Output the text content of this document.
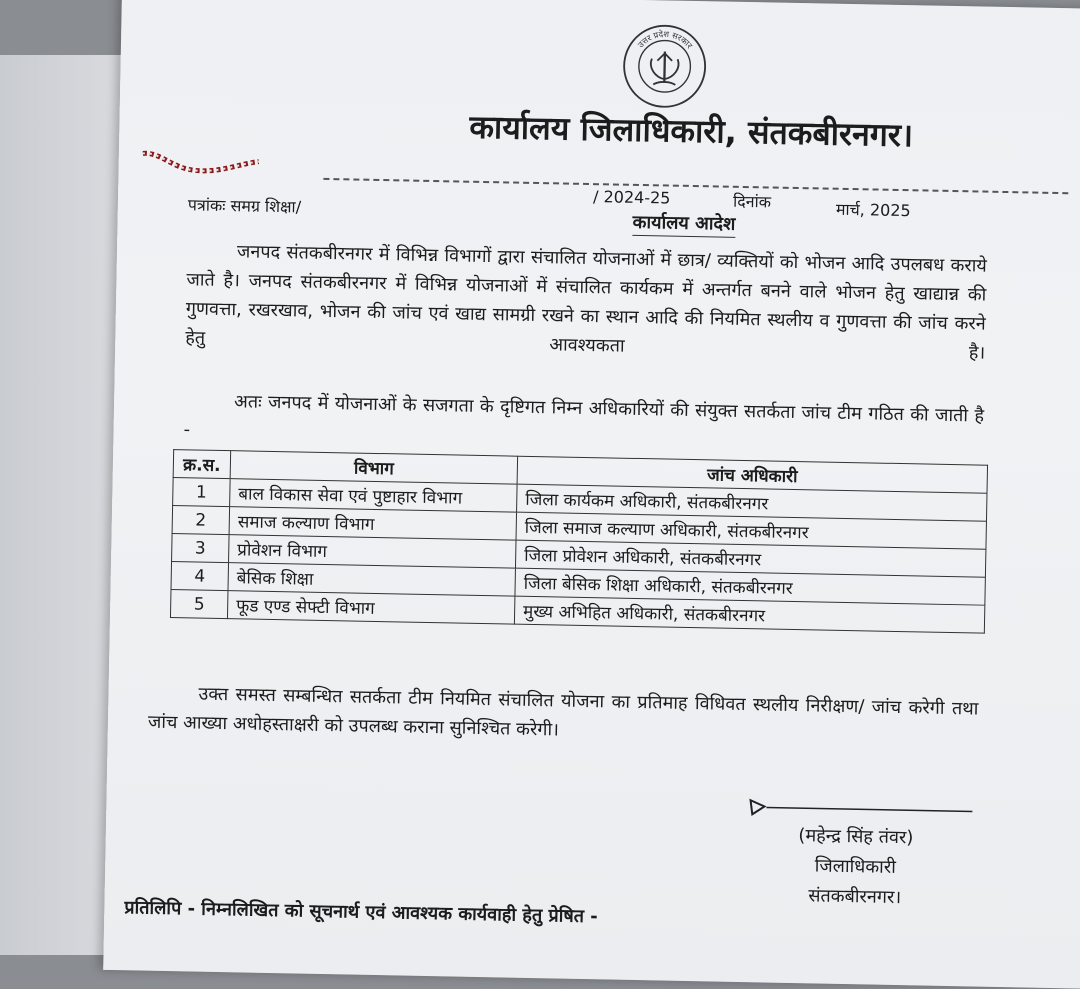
उत्तर प्रदेश सरकार
कार्यालय जिलाधिकारी, संतकबीरनगर।
पत्रांकः समग्र शिक्षा/	/ 2024-25	दिनांक	मार्च, 2025
कार्यालय आदेश
जनपद संतकबीरनगर में विभिन्न विभागों द्वारा संचालित योजनाओं में छात्र/ व्यक्तियों को भोजन आदि उपलबध कराये जाते है। जनपद संतकबीरनगर में विभिन्न योजनाओं में संचालित कार्यकम में अन्तर्गत बनने वाले भोजन हेतु खाद्यान्न की गुणवत्ता, रखरखाव, भोजन की जांच एवं खाद्य सामग्री रखने का स्थान आदि की नियमित स्थलीय व गुणवत्ता की जांच करने हेतु आवश्यकता है।
अतः जनपद में योजनाओं के सजगता के दृष्टिगत निम्न अधिकारियों की संयुक्त सतर्कता जांच टीम गठित की जाती है -
क्र.स.	विभाग	जांच अधिकारी
1	बाल विकास सेवा एवं पुष्टाहार विभाग	जिला कार्यकम अधिकारी, संतकबीरनगर
2	समाज कल्याण विभाग	जिला समाज कल्याण अधिकारी, संतकबीरनगर
3	प्रोवेशन विभाग	जिला प्रोवेशन अधिकारी, संतकबीरनगर
4	बेसिक शिक्षा	जिला बेसिक शिक्षा अधिकारी, संतकबीरनगर
5	फूड एण्ड सेफ्टी विभाग	मुख्य अभिहित अधिकारी, संतकबीरनगर
उक्त समस्त सम्बन्धित सतर्कता टीम नियमित संचालित योजना का प्रतिमाह विधिवत स्थलीय निरीक्षण/ जांच करेगी तथा जांच आख्या अधोहस्ताक्षरी को उपलब्ध कराना सुनिश्चित करेगी।
(महेन्द्र सिंह तंवर)
जिलाधिकारी
संतकबीरनगर।
प्रतिलिपि - निम्नलिखित को सूचनार्थ एवं आवश्यक कार्यवाही हेतु प्रेषित -
